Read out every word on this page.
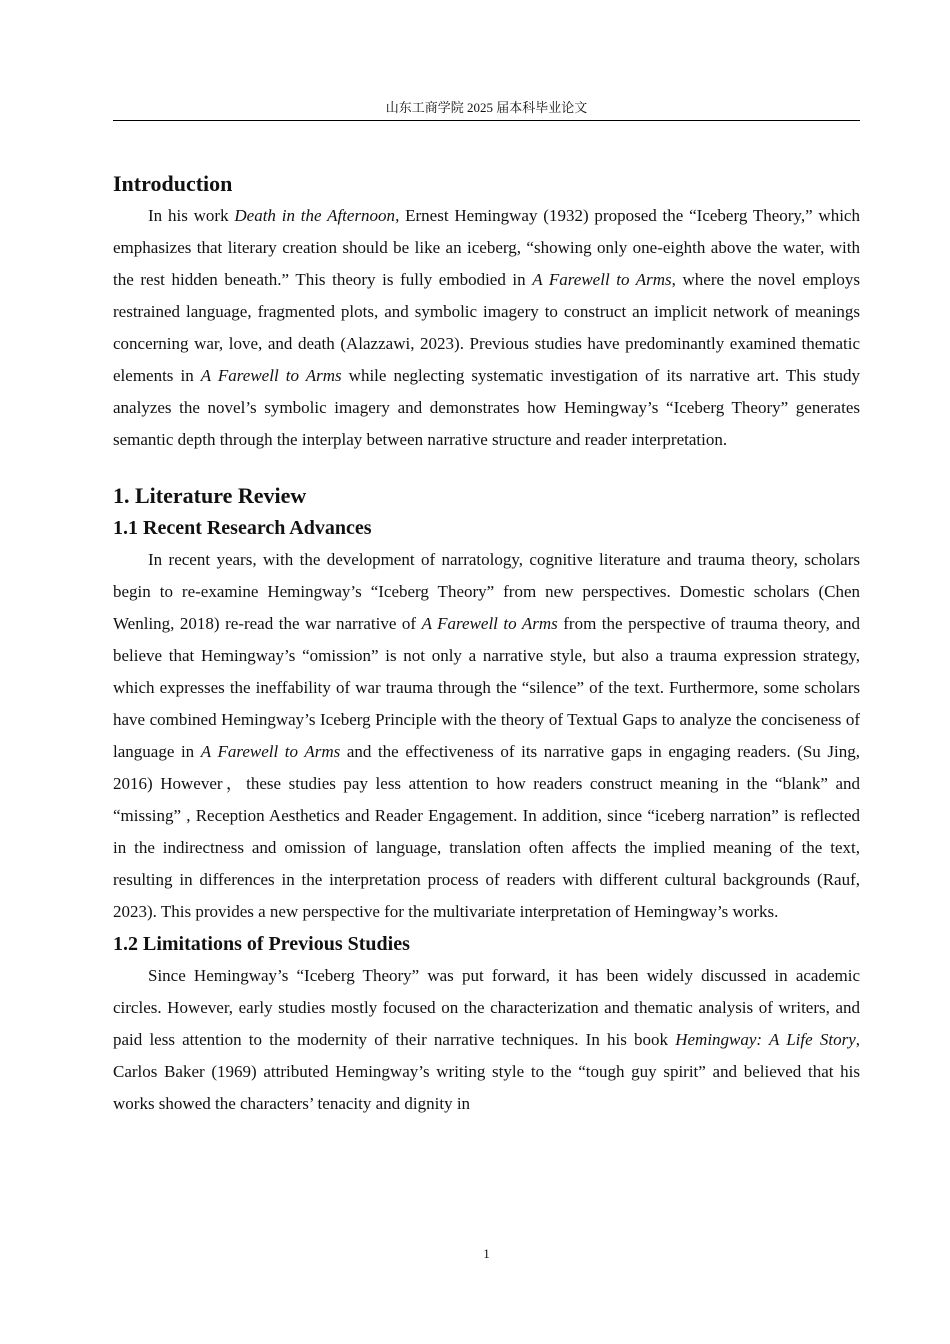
山东工商学院 2025 届本科毕业论文
Introduction

In his work Death in the Afternoon, Ernest Hemingway (1932) proposed the “Iceberg Theory,” which emphasizes that literary creation should be like an iceberg, “showing only one-eighth above the water, with the rest hidden beneath.” This theory is fully embodied in A Farewell to Arms, where the novel employs restrained language, fragmented plots, and symbolic imagery to construct an implicit network of meanings concerning war, love, and death (Alazzawi, 2023). Previous studies have predominantly examined thematic elements in A Farewell to Arms while neglecting systematic investigation of its narrative art. This study analyzes the novel’s symbolic imagery and demonstrates how Hemingway’s “Iceberg Theory” generates semantic depth through the interplay between narrative structure and reader interpretation.

1. Literature Review
1.1 Recent Research Advances

In recent years, with the development of narratology, cognitive literature and trauma theory, scholars begin to re-examine Hemingway’s “Iceberg Theory” from new perspectives. Domestic scholars (Chen Wenling, 2018) re-read the war narrative of A Farewell to Arms from the perspective of trauma theory, and believe that Hemingway’s “omission” is not only a narrative style, but also a trauma expression strategy, which expresses the ineffability of war trauma through the “silence” of the text. Furthermore, some scholars have combined Hemingway’s Iceberg Principle with the theory of Textual Gaps to analyze the conciseness of language in A Farewell to Arms and the effectiveness of its narrative gaps in engaging readers. (Su Jing, 2016) However，these studies pay less attention to how readers construct meaning in the “blank” and “missing” , Reception Aesthetics and Reader Engagement. In addition, since “iceberg narration” is reflected in the indirectness and omission of language, translation often affects the implied meaning of the text, resulting in differences in the interpretation process of readers with different cultural backgrounds (Rauf, 2023). This provides a new perspective for the multivariate interpretation of Hemingway’s works.

1.2 Limitations of Previous Studies

Since Hemingway’s “Iceberg Theory” was put forward, it has been widely discussed in academic circles. However, early studies mostly focused on the characterization and thematic analysis of writers, and paid less attention to the modernity of their narrative techniques. In his book Hemingway: A Life Story, Carlos Baker (1969) attributed Hemingway’s writing style to the “tough guy spirit” and believed that his works showed the characters’ tenacity and dignity in

1
